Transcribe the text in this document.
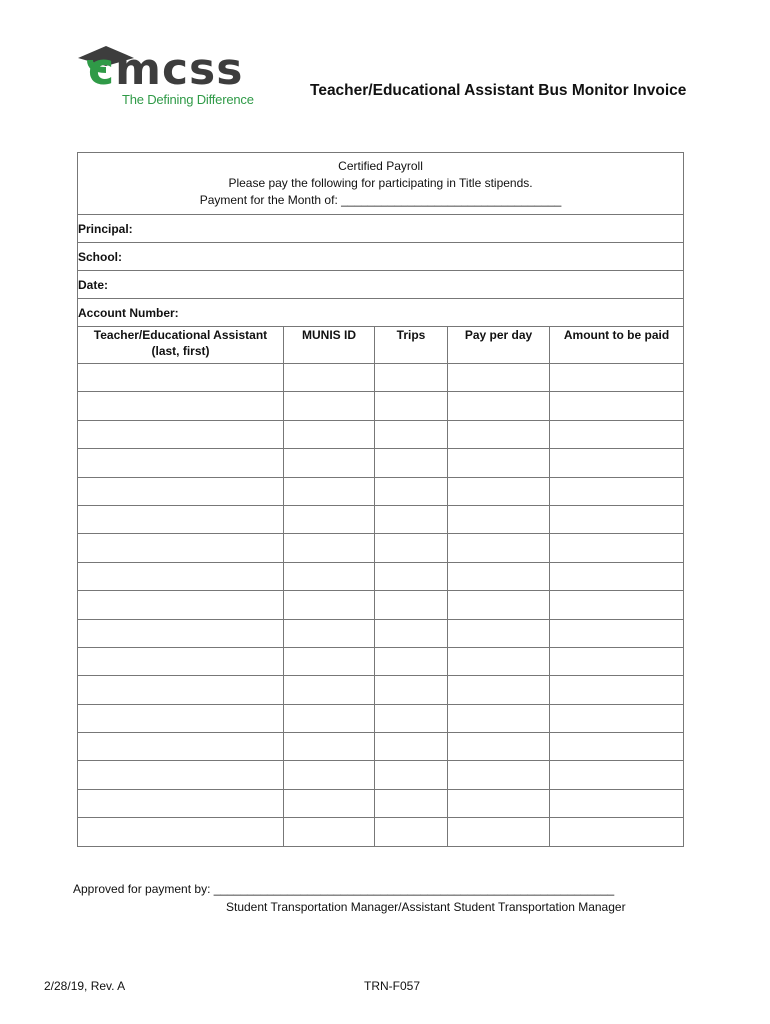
cmcss
The Defining Difference
Teacher/Educational Assistant Bus Monitor Invoice
Certified Payroll
Please pay the following for participating in Title stipends.
Payment for the Month of: _________________________________				

Principal:				
School:				
Date:				
Account Number:				

Teacher/Educational Assistant
(last, first)	MUNIS ID	Trips	Pay per day	Amount to be paid

Approved for payment by: ____________________________________________________________
Student Transportation Manager/Assistant Student Transportation Manager
2/28/19, Rev. A	TRN-F057
